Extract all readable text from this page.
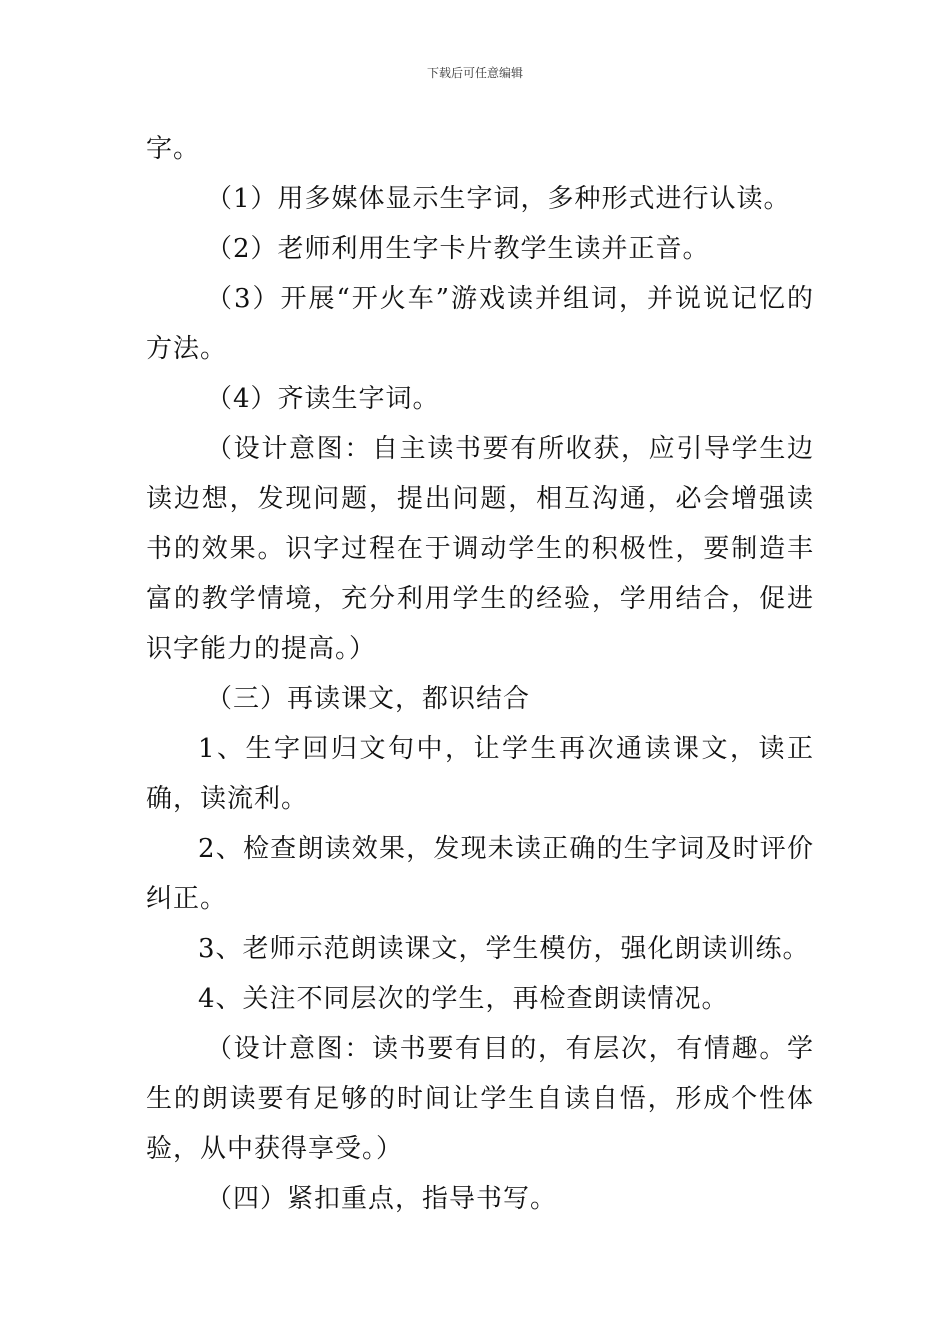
下载后可任意编辑

字。

（1）用多媒体显示生字词，多种形式进行认读。

（2）老师利用生字卡片教学生读并正音。

（3）开展“开火车”游戏读并组词，并说说记忆的方法。

（4）齐读生字词。

（设计意图：自主读书要有所收获，应引导学生边读边想，发现问题，提出问题，相互沟通，必会增强读书的效果。识字过程在于调动学生的积极性，要制造丰富的教学情境，充分利用学生的经验，学用结合，促进识字能力的提高。）

（三）再读课文，都识结合

1、生字回归文句中，让学生再次通读课文，读正确，读流利。

2、检查朗读效果，发现未读正确的生字词及时评价纠正。

3、老师示范朗读课文，学生模仿，强化朗读训练。

4、关注不同层次的学生，再检查朗读情况。

（设计意图：读书要有目的，有层次，有情趣。学生的朗读要有足够的时间让学生自读自悟，形成个性体验，从中获得享受。）

（四）紧扣重点，指导书写。
